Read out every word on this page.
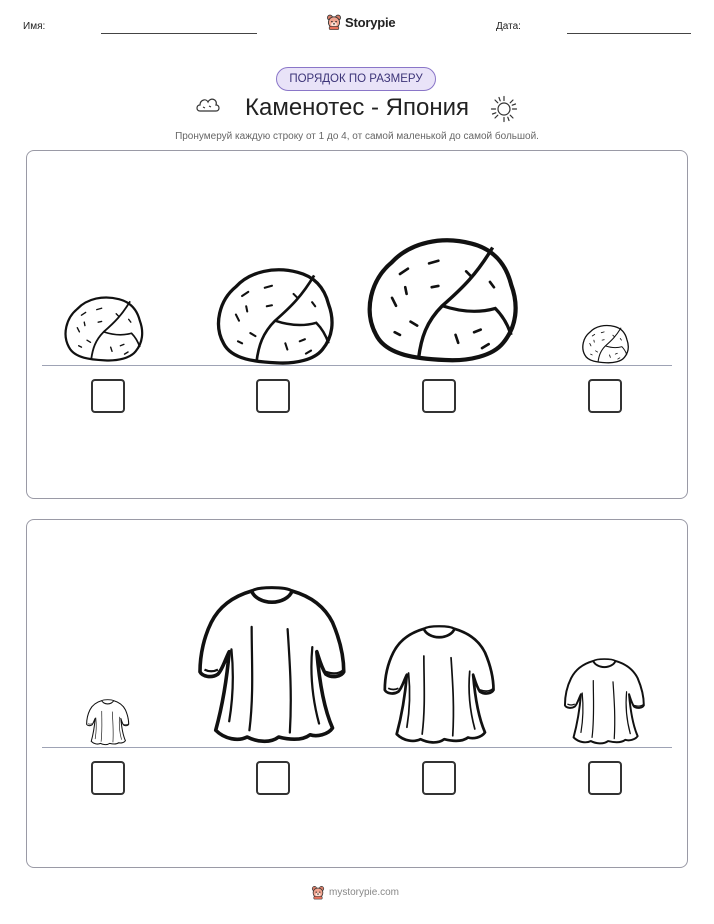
Имя:	Storypie	Дата:
ПОРЯДОК ПО РАЗМЕРУ
Каменотес - Япония
Пронумеруй каждую строку от 1 до 4, от самой маленькой до самой большой.
mystorypie.com
